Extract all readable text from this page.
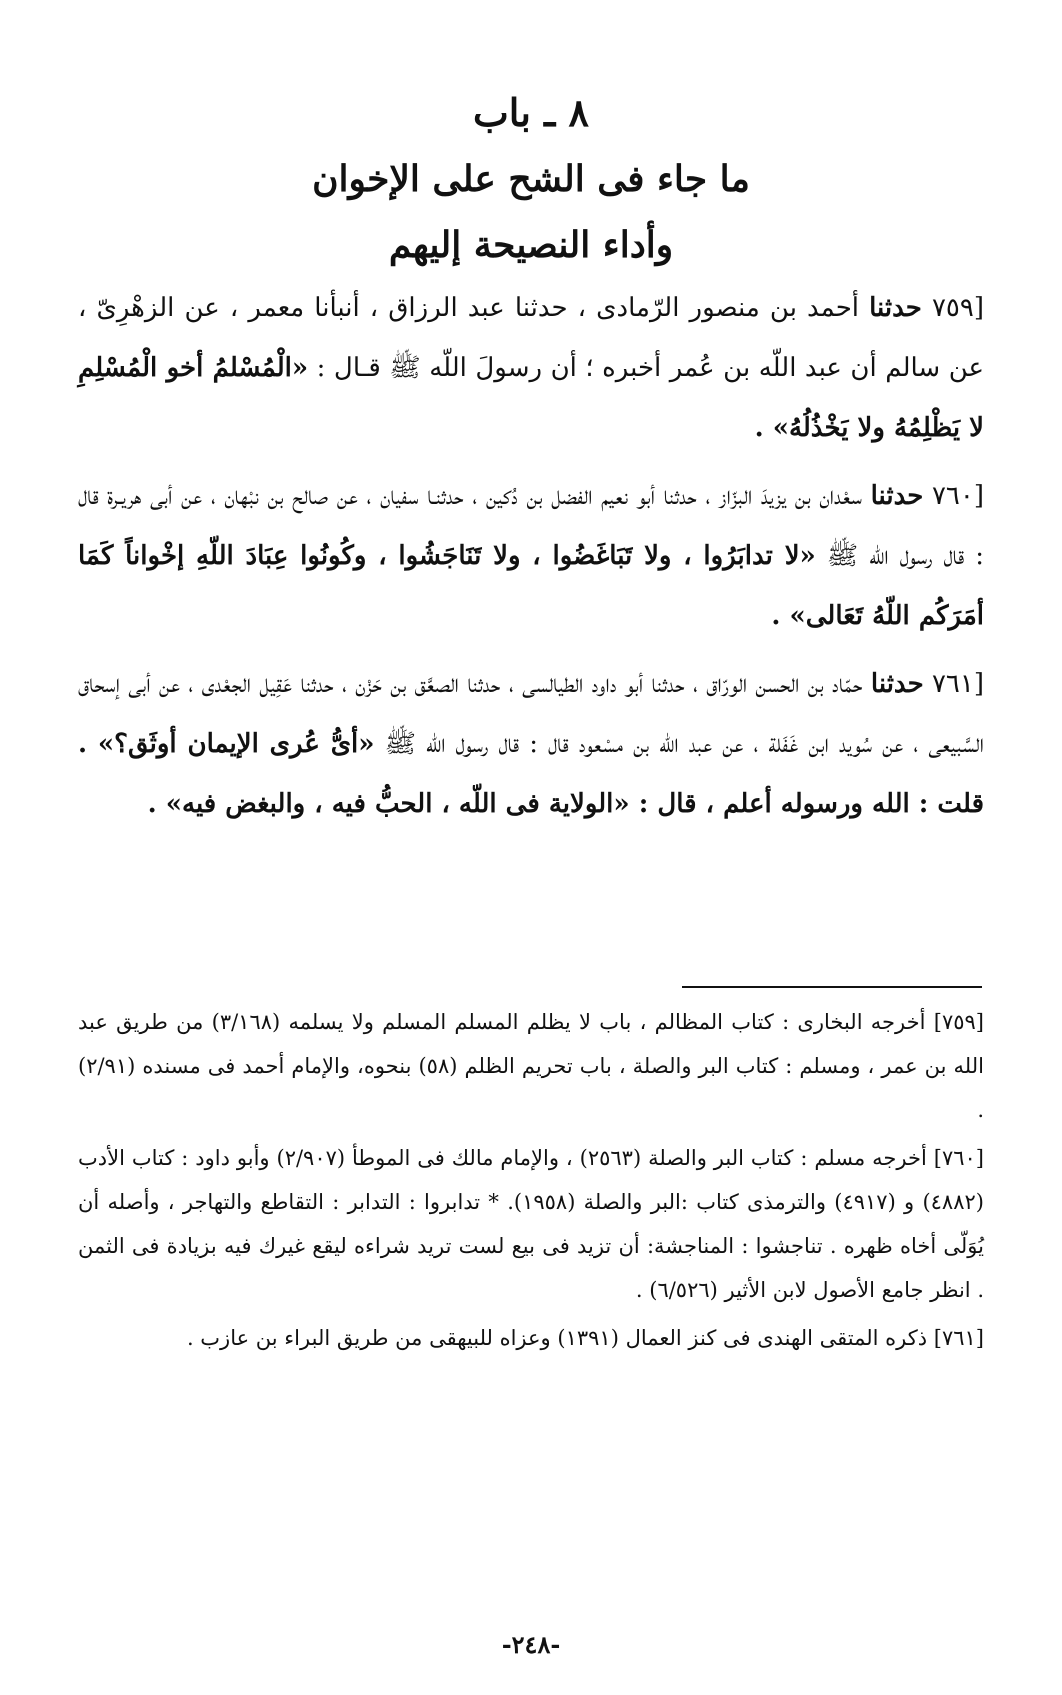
٨ ـ باب
ما جاء فى الشح على الإخوان
وأداء النصيحة إليهم

[٧٥٩ حدثنا أحمد بن منصور الرّمادى ، حدثنا عبد الرزاق ، أنبأنا معمر ، عن الزهْرِىّ ، عن سالم أن عبد اللّه بن عُمر أخبره ؛ أن رسولَ اللّه ﷺ قـال : «الْمُسْلمُ أخو الْمُسْلِمِ لا يَظْلِمُهُ ولا يَخْذُلُهُ» .

[٧٦٠ حدثنا سعْدان بن يزيدَ البزّاز ، حدثنا أبو نعيم الفضل بن دُكين ، حدثنـا سفيان ، عن صالح بن نبْهان ، عن أبى هريـرة قال : قال رسول اللّه ﷺ «لا تدابَرُوا ، ولا تَبَاغَضُوا ، ولا تَنَاجَشُوا ، وكُونُوا عِبَادَ اللّهِ إخْواناً كَمَا أمَرَكُم اللّهُ تَعَالى» .

[٧٦١ حدثنا حمّاد بن الحسن الورّاق ، حدثنا أبو داود الطيالسى ، حدثنا الصعَّق بن حَزْن ، حدثنا عَقِيل الجعْدى ، عن أبى إسحاق السَّبيعى ، عن سُويد ابن غَفَلة ، عن عبد اللّه بن مسْعود قال : قال رسول اللّه ﷺ «أىُّ عُرى الإيمان أوثَق؟» . قلت : الله ورسوله أعلم ، قال : «الولاية فى اللّه ، الحبُّ فيه ، والبغض فيه» .

[٧٥٩] أخرجه البخارى : كتاب المظالم ، باب لا يظلم المسلم المسلم ولا يسلمه (٣/١٦٨) من طريق عبد الله بن عمر ، ومسلم : كتاب البر والصلة ، باب تحريم الظلم (٥٨) بنحوه، والإمام أحمد فى مسنده (٢/٩١) .

[٧٦٠] أخرجه مسلم : كتاب البر والصلة (٢٥٦٣) ، والإمام مالك فى الموطأ (٢/٩٠٧) وأبو داود : كتاب الأدب (٤٨٨٢) و (٤٩١٧) والترمذى كتاب :البر والصلة (١٩٥٨). * تدابروا : التدابر : التقاطع والتهاجر ، وأصله أن يُوَلّى أخاه ظهره . تناجشوا : المناجشة: أن تزيد فى بيع لست تريد شراءه ليقع غيرك فيه بزيادة فى الثمن . انظر جامع الأصول لابن الأثير (٦/٥٢٦) .

[٧٦١] ذكره المتقى الهندى فى كنز العمال (١٣٩١) وعزاه للبيهقى من طريق البراء بن عازب .

-٢٤٨-
